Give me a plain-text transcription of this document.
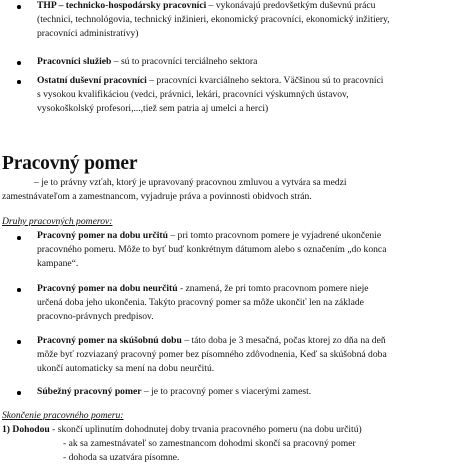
THP – technicko-hospodársky pracovníci – vykonávajú predovšetkým duševnú prácu
(technici, technológovia, technický inžinieri, ekonomický pracovníci, ekonomický inžitiery,
pracovníci administratívy)
Pracovníci služieb – sú to pracovníci terciálneho sektora
Ostatní duševní pracovníci – pracovníci kvarciálneho sektora. Väčšinou sú to pracovníci
s vysokou kvalifikáciou (vedci, právnici, lekári, pracovníci výskumných ústavov,
vysokoškolský profesori,...,tiež sem patria aj umelci a herci)
Pracovný pomer
– je to právny vzťah, ktorý je upravovaný pracovnou zmluvou a vytvára sa medzi
zamestnávateľom a zamestnancom, vyjadruje práva a povinnosti obidvoch strán.
Druhy pracovných pomerov:
Pracovný pomer na dobu určitú – pri tomto pracovnom pomere je vyjadrené ukončenie
pracovného pomeru. Môže to byť buď konkrétnym dátumom alebo s označením „do konca
kampane“.
Pracovný pomer na dobu neurčitú - znamená, že pri tomto pracovnom pomere nieje
určená doba jeho ukončenia. Takýto pracovný pomer sa môže ukončiť len na základe
pracovno-právnych predpisov.
Pracovný pomer na skúšobnú dobu – táto doba je 3 mesačná, počas ktorej zo dňa na deň
môže byť rozviazaný pracovný pomer bez písomného zdôvodnenia, Keď sa skúšobná doba
ukončí automaticky sa mení na dobu neurčitú.
Súbežný pracovný pomer – je to pracovný pomer s viacerými zamest.
Skončenie pracovného pomeru:
1) Dohodou - skončí uplinutím dohodnutej doby trvania pracovného pomeru (na dobu určitú)
- ak sa zamestnávateľ so zamestnancom dohodmi skončí sa pracovný pomer
- dohoda sa uzatvára písomne.
